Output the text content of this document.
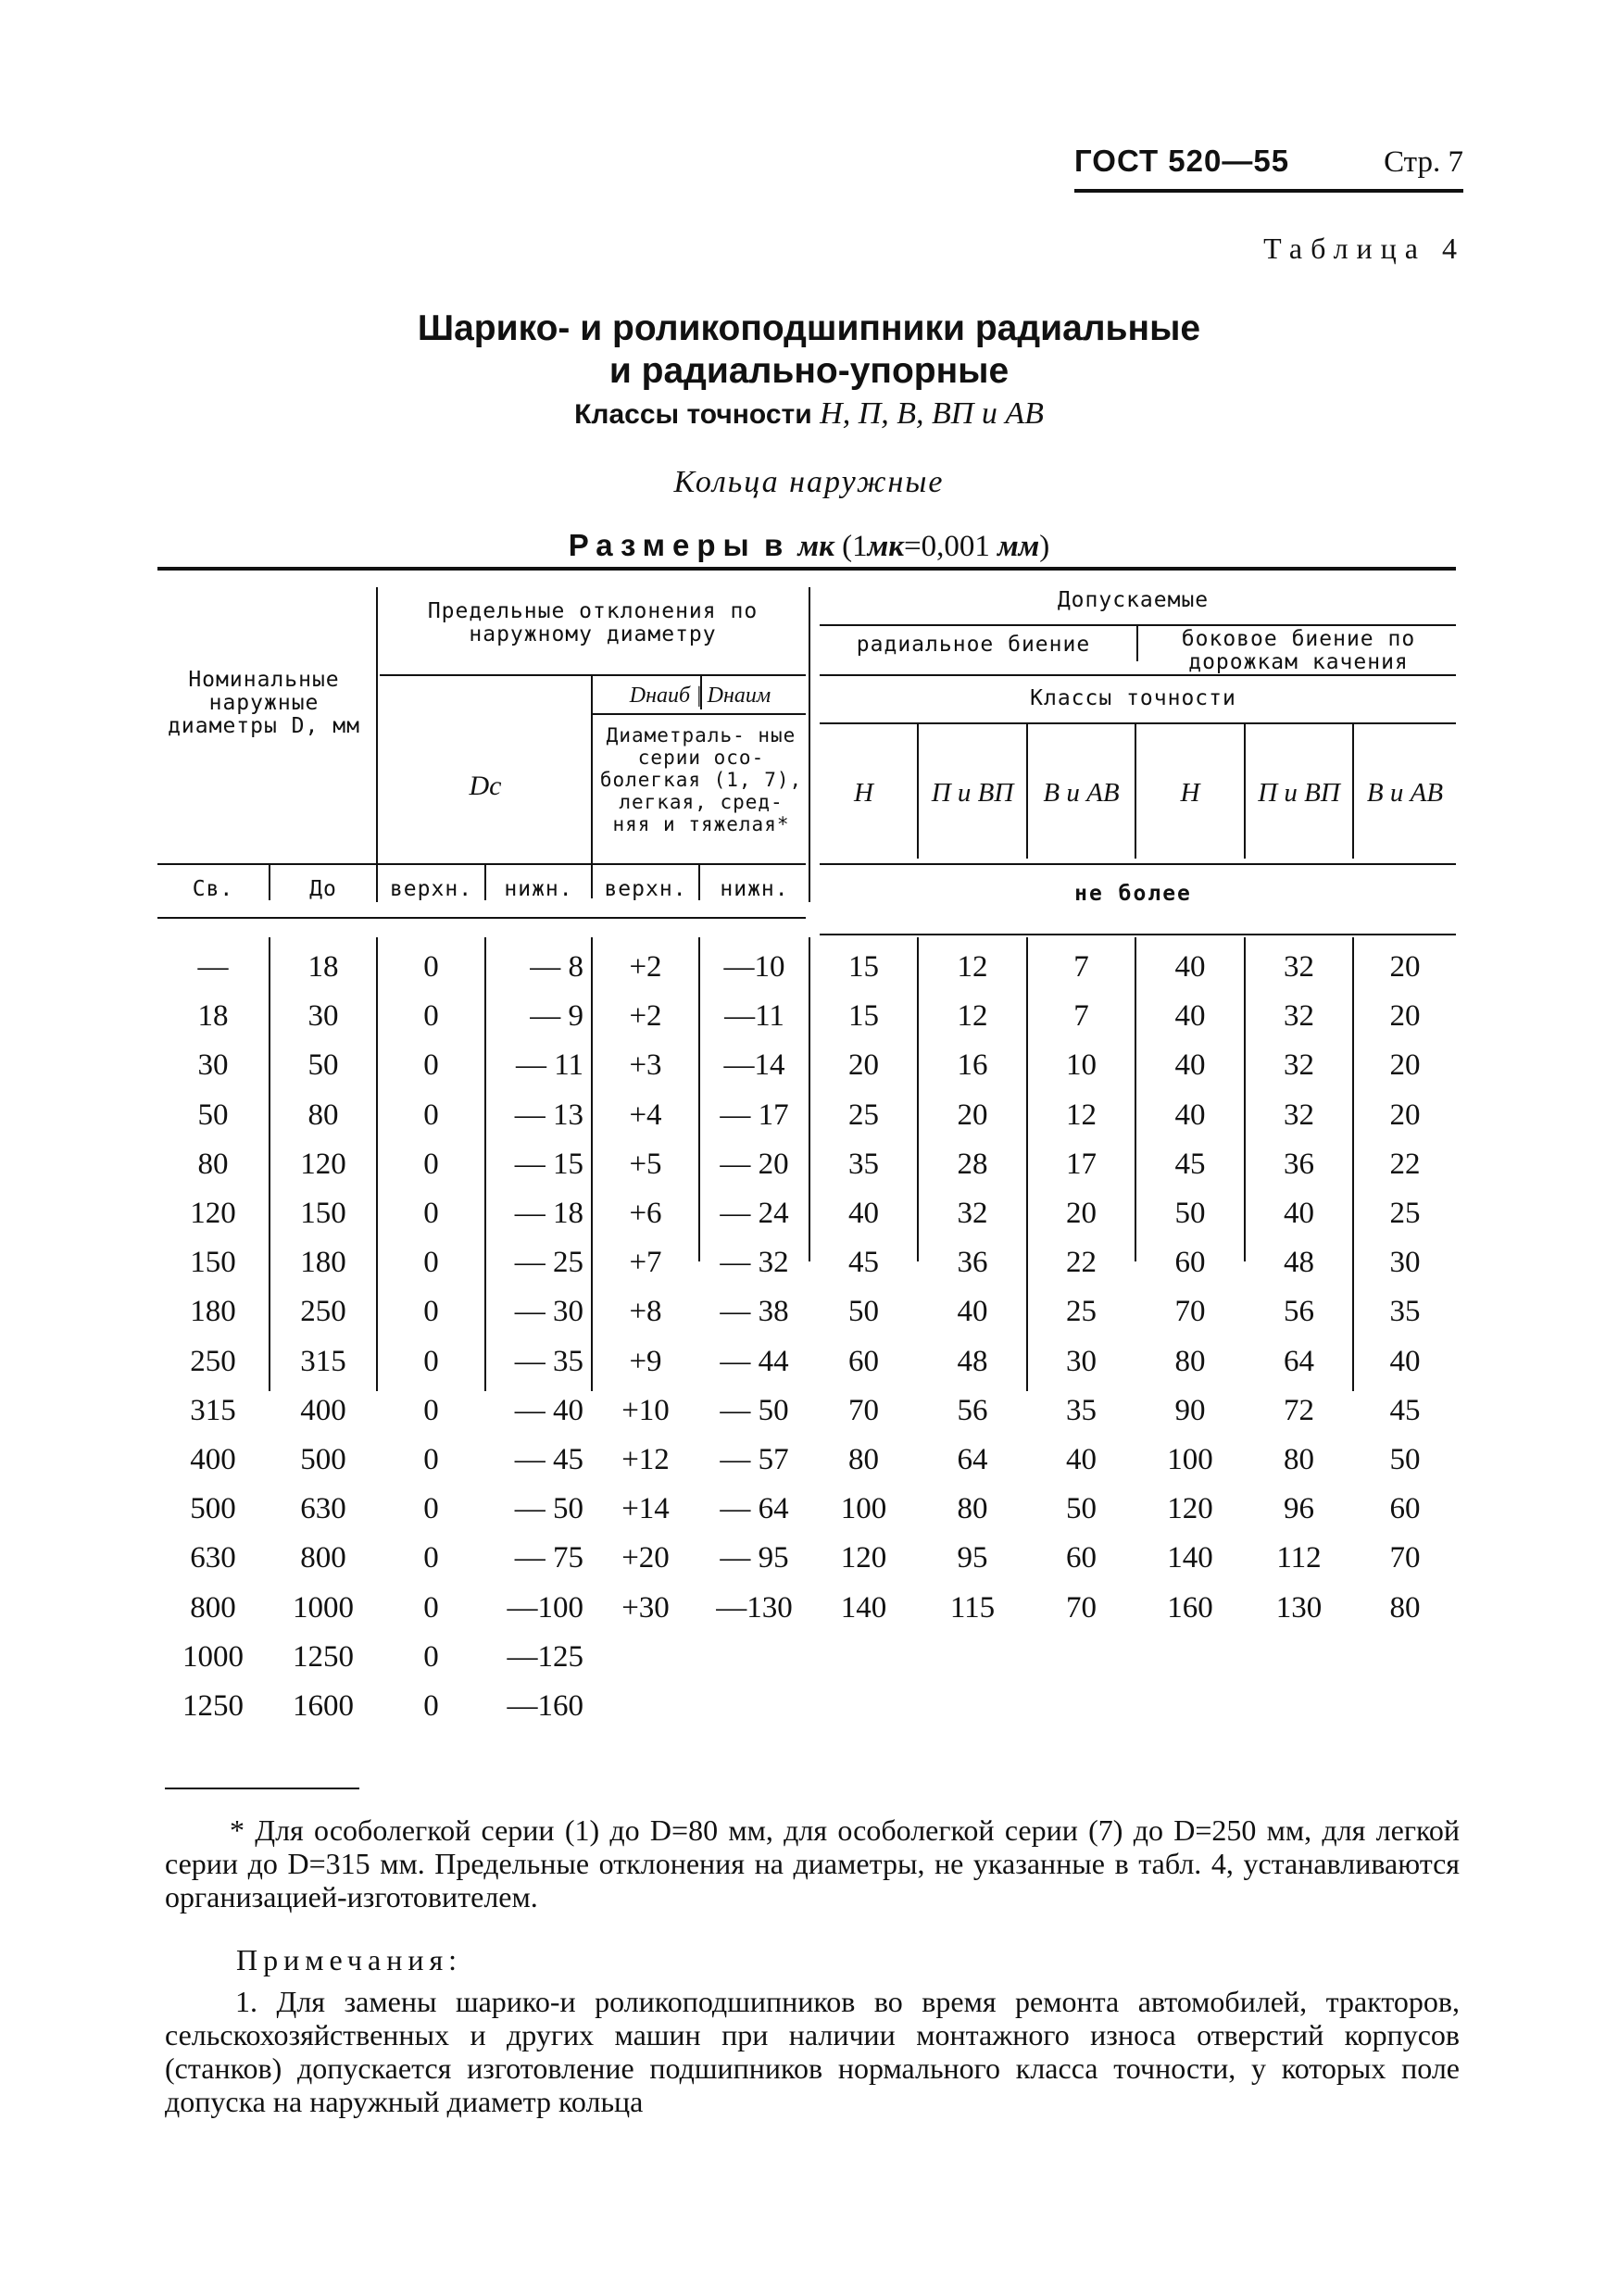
ГОСТ 520—55	Стр. 7
Таблица 4
Шарико- и роликоподшипники радиальные
и радиально-упорные
Классы точности Н, П, В, ВП и АВ
Кольца наружные
Размеры в мк (1мк=0,001 мм)
Номинальные наружные диаметры D, мм
Св.	До
Предельные отклонения по наружному диаметру
Dc
Dнаиб | Dнаим
Диаметраль- ные серии осо- болегкая (1, 7), легкая, сред- няя и тяжелая*
верхн.	нижн.	верхн.	нижн.
Допускаемые
радиальное биение	боковое биение по дорожкам качения
Классы точности
Н	П и ВП	В и АВ	Н	П и ВП	В и АВ
не более
—	18	0	— 8	+2	—10	15	12	7	40	32	20
18	30	0	— 9	+2	—11	15	12	7	40	32	20
30	50	0	— 11	+3	—14	20	16	10	40	32	20
50	80	0	— 13	+4	— 17	25	20	12	40	32	20
80	120	0	— 15	+5	— 20	35	28	17	45	36	22
120	150	0	— 18	+6	— 24	40	32	20	50	40	25
150	180	0	— 25	+7	— 32	45	36	22	60	48	30
180	250	0	— 30	+8	— 38	50	40	25	70	56	35
250	315	0	— 35	+9	— 44	60	48	30	80	64	40
315	400	0	— 40	+10	— 50	70	56	35	90	72	45
400	500	0	— 45	+12	— 57	80	64	40	100	80	50
500	630	0	— 50	+14	— 64	100	80	50	120	96	60
630	800	0	— 75	+20	— 95	120	95	60	140	112	70
800	1000	0	—100	+30	—130	140	115	70	160	130	80
1000	1250	0	—125
1250	1600	0	—160
* Для особолегкой серии (1) до D=80 мм, для особолегкой серии (7) до D=250 мм, для легкой серии до D=315 мм. Предельные отклонения на диаметры, не указанные в табл. 4, устанавливаются организацией-изготовителем.
Примечания:
1. Для замены шарико-и роликоподшипников во время ремонта автомобилей, тракторов, сельскохозяйственных и других машин при наличии монтажного износа отверстий корпусов (станков) допускается изготовление подшипников нормального класса точности, у которых поле допуска на наружный диаметр кольца
